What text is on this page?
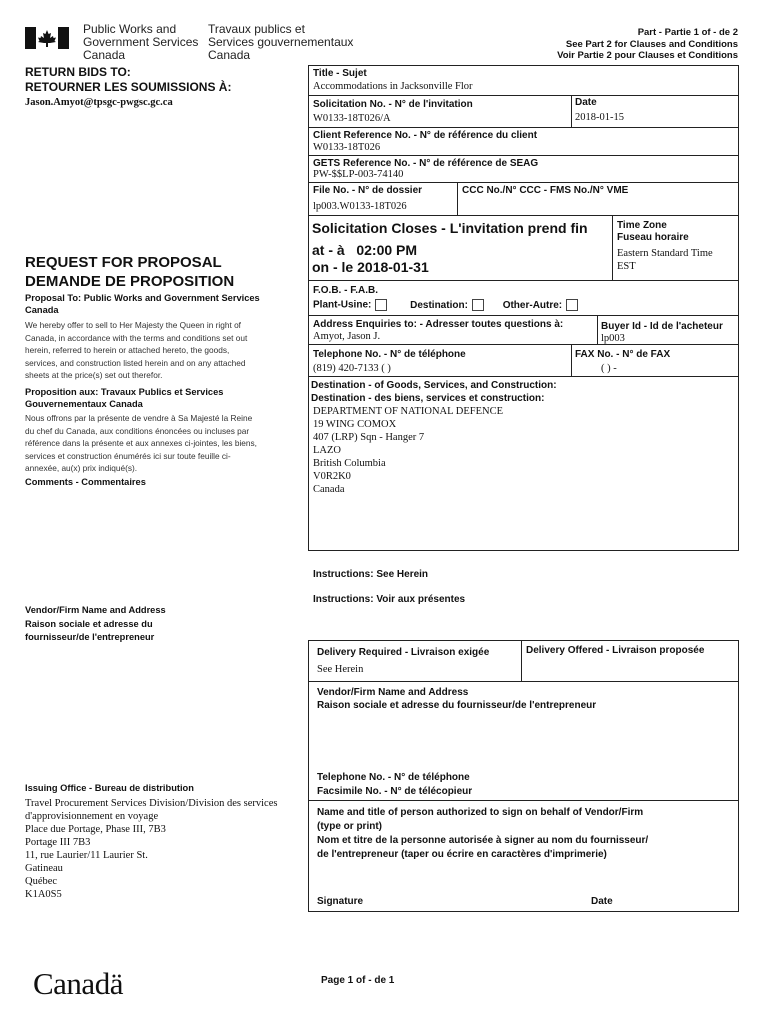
Public Works and
Government Services
Canada
Travaux publics et
Services gouvernementaux
Canada
Part - Partie 1 of - de 2
See Part 2 for Clauses and Conditions
Voir Partie 2 pour Clauses et Conditions
RETURN BIDS TO:
RETOURNER LES SOUMISSIONS À:
Jason.Amyot@tpsgc-pwgsc.gc.ca
REQUEST FOR PROPOSAL
DEMANDE DE PROPOSITION
Proposal To: Public Works and Government Services Canada
We hereby offer to sell to Her Majesty the Queen in right of Canada, in accordance with the terms and conditions set out herein, referred to herein or attached hereto, the goods, services, and construction listed herein and on any attached sheets at the price(s) set out therefor.
Proposition aux: Travaux Publics et Services Gouvernementaux Canada
Nous offrons par la présente de vendre à Sa Majesté la Reine du chef du Canada, aux conditions énoncées ou incluses par référence dans la présente et aux annexes ci-jointes, les biens, services et construction énumérés ici sur toute feuille ci-annexée, au(x) prix indiqué(s).
Comments - Commentaires
Vendor/Firm Name and Address
Raison sociale et adresse du
fournisseur/de l'entrepreneur
Issuing Office - Bureau de distribution
Travel Procurement Services Division/Division des services
d'approvisionnement en voyage
Place due Portage, Phase III, 7B3
Portage III 7B3
11, rue Laurier/11 Laurier St.
Gatineau
Québec
K1A0S5
Title - Sujet
Accommodations in Jacksonville Flor
Solicitation No. - N° de l'invitation
W0133-18T026/A
Date
2018-01-15
Client Reference No. - N° de référence du client
W0133-18T026
GETS Reference No. - N° de référence de SEAG
PW-$$LP-003-74140
File No. - N° de dossier
lp003.W0133-18T026
CCC No./N° CCC - FMS No./N° VME
Solicitation Closes - L'invitation prend fin
at - à 02:00 PM
on - le 2018-01-31
Time Zone
Fuseau horaire
Eastern Standard Time
EST
F.O.B. - F.A.B.
Plant-Usine:	Destination:	Other-Autre:
Address Enquiries to: - Adresser toutes questions à:
Amyot, Jason J.
Buyer Id - Id de l'acheteur
lp003
Telephone No. - N° de téléphone
(819) 420-7133 ( )
FAX No. - N° de FAX
( ) -
Destination - of Goods, Services, and Construction:
Destination - des biens, services et construction:
DEPARTMENT OF NATIONAL DEFENCE
19 WING COMOX
407 (LRP) Sqn - Hanger 7
LAZO
British Columbia
V0R2K0
Canada
Instructions: See Herein
Instructions: Voir aux présentes
Delivery Required - Livraison exigée
See Herein
Delivery Offered - Livraison proposée
Vendor/Firm Name and Address
Raison sociale et adresse du fournisseur/de l'entrepreneur
Telephone No. - N° de téléphone
Facsimile No. - N° de télécopieur
Name and title of person authorized to sign on behalf of Vendor/Firm
(type or print)
Nom et titre de la personne autorisée à signer au nom du fournisseur/
de l'entrepreneur (taper ou écrire en caractères d'imprimerie)
Signature	Date
Canadä	Page 1 of - de 1
